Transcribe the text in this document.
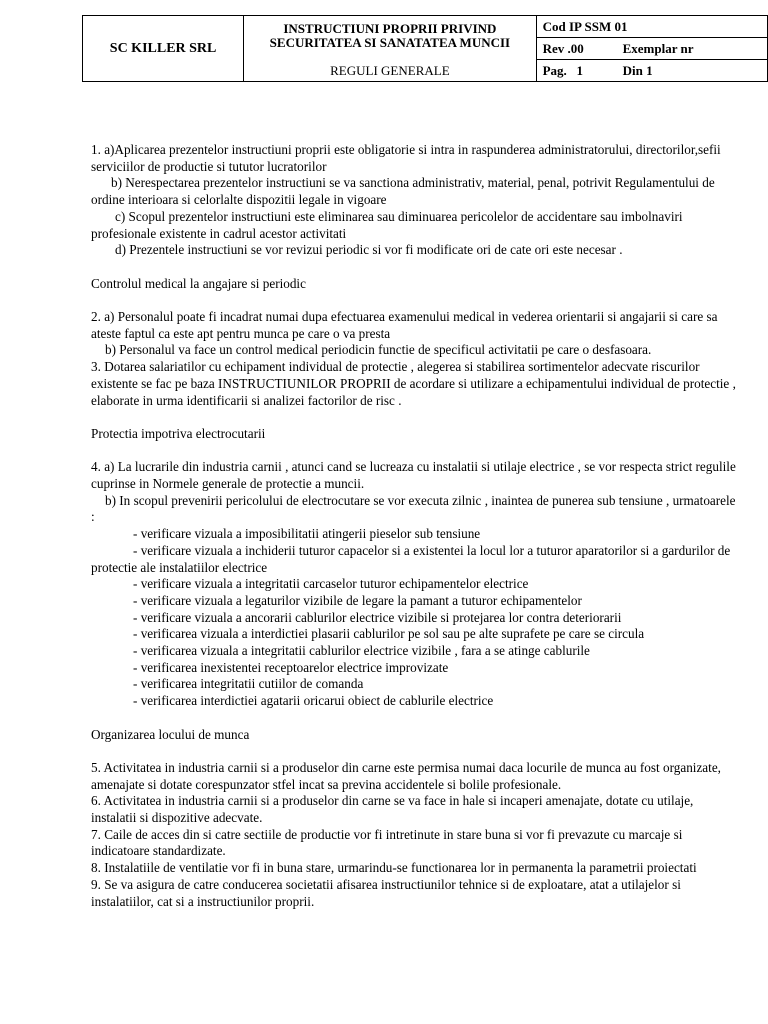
SC KILLER SRL	
INSTRUCTIUNI PROPRII PRIVIND
SECURITATEA SI SANATATEA MUNCII
REGULI GENERALE
	Cod IP SSM 01

Rev .00	Exemplar nr

Pag.   1	Din 1

1. a)Aplicarea prezentelor instructiuni proprii este obligatorie si intra in raspunderea administratorului, directorilor,sefii serviciilor de productie si tututor lucratorilor

b) Nerespectarea prezentelor instructiuni se va sanctiona administrativ, material, penal, potrivit Regulamentului de ordine interioara si celorlalte dispozitii legale in vigoare

c) Scopul prezentelor instructiuni este eliminarea sau diminuarea pericolelor de accidentare sau imbolnaviri profesionale existente in cadrul acestor activitati

d) Prezentele instructiuni se vor revizui periodic si vor fi modificate ori de cate ori este necesar .

Controlul medical la angajare si periodic

2. a) Personalul poate fi incadrat numai dupa efectuarea examenului medical in vederea orientarii si angajarii si care sa ateste faptul ca este apt pentru munca pe care o va presta

b) Personalul va face un control medical periodicin functie de specificul activitatii pe care o desfasoara.

3. Dotarea salariatilor cu echipament individual de protectie , alegerea si stabilirea sortimentelor adecvate riscurilor existente se fac pe baza INSTRUCTIUNILOR PROPRII de acordare si utilizare a echipamentului individual de protectie , elaborate in urma identificarii si analizei factorilor de risc .

Protectia impotriva electrocutarii

4. a) La lucrarile din industria carnii , atunci cand se lucreaza cu instalatii si utilaje electrice , se vor respecta strict regulile cuprinse in Normele generale de protectie a muncii.

b) In scopul prevenirii pericolului de electrocutare se vor executa zilnic , inaintea de punerea sub tensiune , urmatoarele :

- verificare vizuala a imposibilitatii atingerii pieselor sub tensiune

- verificare vizuala a inchiderii tuturor capacelor si a existentei la locul lor a tuturor aparatorilor si a gardurilor de protectie ale instalatiilor electrice

- verificare vizuala a integritatii carcaselor tuturor echipamentelor electrice

- verificare vizuala a legaturilor vizibile de legare la pamant a tuturor echipamentelor

- verificare vizuala a ancorarii cablurilor electrice vizibile si protejarea lor contra deteriorarii

- verificarea vizuala a interdictiei plasarii cablurilor pe sol sau pe alte suprafete pe care se circula

- verificarea vizuala a integritatii cablurilor electrice vizibile , fara a se atinge cablurile

- verificarea inexistentei receptoarelor electrice improvizate

- verificarea integritatii cutiilor de comanda

- verificarea interdictiei agatarii oricarui obiect de cablurile electrice

Organizarea locului de munca

5. Activitatea in industria carnii si a produselor din carne este permisa numai daca locurile de munca au fost organizate, amenajate si dotate corespunzator stfel incat sa previna accidentele si bolile profesionale.

6. Activitatea in industria carnii si a produselor din carne se va face in hale si incaperi amenajate, dotate cu utilaje, instalatii si dispozitive adecvate.

7. Caile de acces din si catre sectiile de productie vor fi intretinute in stare buna si vor fi prevazute cu marcaje si indicatoare standardizate.

8. Instalatiile de ventilatie vor fi in buna stare, urmarindu-se functionarea lor in permanenta la parametrii proiectati

9. Se va asigura de catre conducerea societatii afisarea instructiunilor tehnice si de exploatare, atat a utilajelor si instalatiilor, cat si a instructiunilor proprii.
